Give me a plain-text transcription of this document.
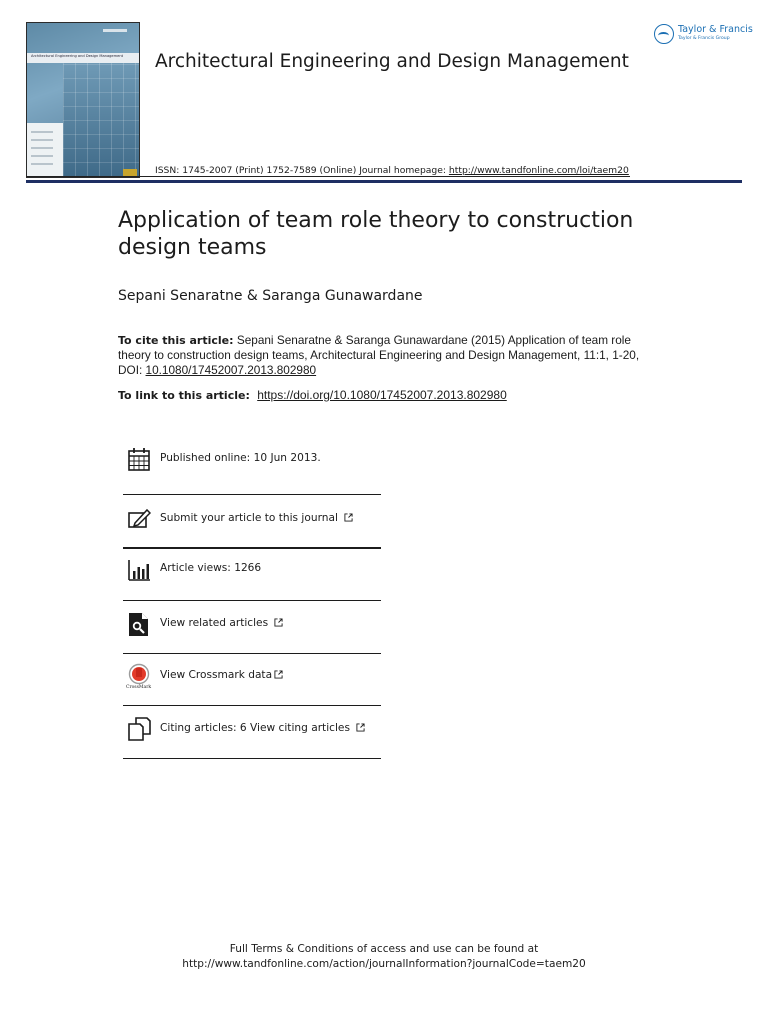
Architectural Engineering and Design Management Architectural Engineering and Design Management
Taylor & Francis
Taylor & Francis Group
ISSN: 1745-2007 (Print) 1752-7589 (Online) Journal homepage: http://www.tandfonline.com/loi/taem20
Application of team role theory to construction design teams
Sepani Senaratne & Saranga Gunawardane
To cite this article: Sepani Senaratne & Saranga Gunawardane (2015) Application of team role theory to construction design teams, Architectural Engineering and Design Management, 11:1, 1-20, DOI: 10.1080/17452007.2013.802980
To link to this article: https://doi.org/10.1080/17452007.2013.802980
Published online: 10 Jun 2013.
Submit your article to this journal
Article views: 1266
View related articles
CrossMark
View Crossmark data
Citing articles: 6 View citing articles
Full Terms & Conditions of access and use can be found at
http://www.tandfonline.com/action/journalInformation?journalCode=taem20
